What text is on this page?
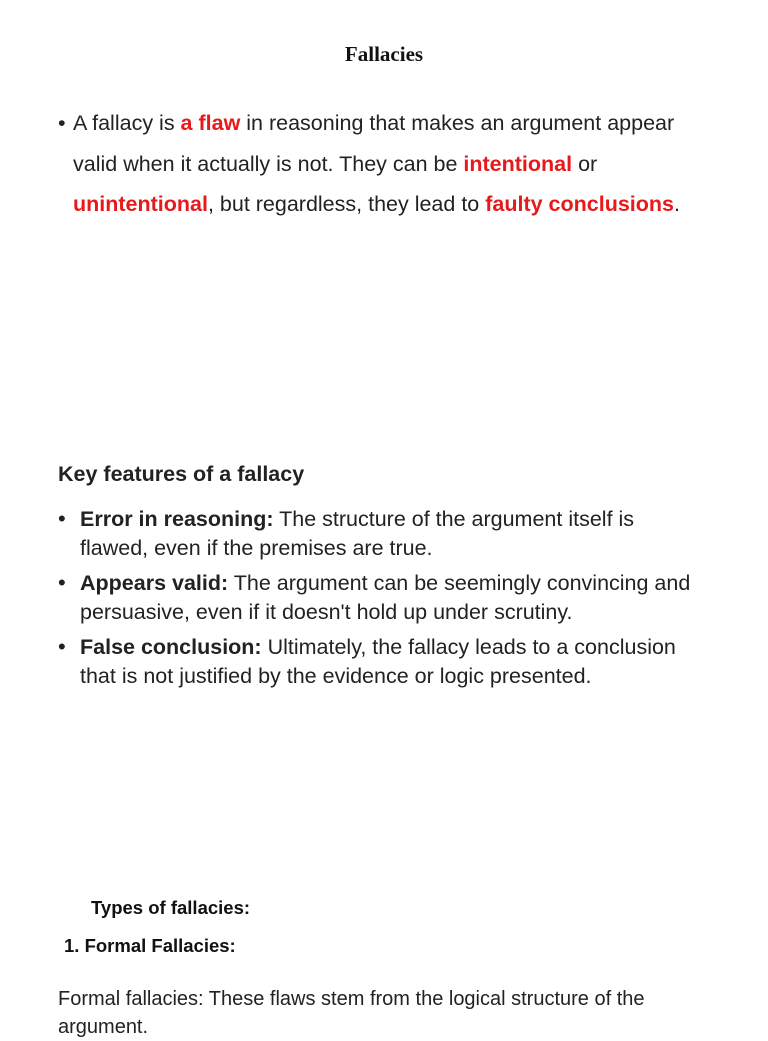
Fallacies
• A fallacy is a flaw in reasoning that makes an argument appear valid when it actually is not. They can be intentional or unintentional, but regardless, they lead to faulty conclusions.
Key features of a fallacy
• Error in reasoning: The structure of the argument itself is flawed, even if the premises are true.
• Appears valid: The argument can be seemingly convincing and persuasive, even if it doesn't hold up under scrutiny.
• False conclusion: Ultimately, the fallacy leads to a conclusion that is not justified by the evidence or logic presented.
Types of fallacies:
1. Formal Fallacies:
Formal fallacies: These flaws stem from the logical structure of the argument.
